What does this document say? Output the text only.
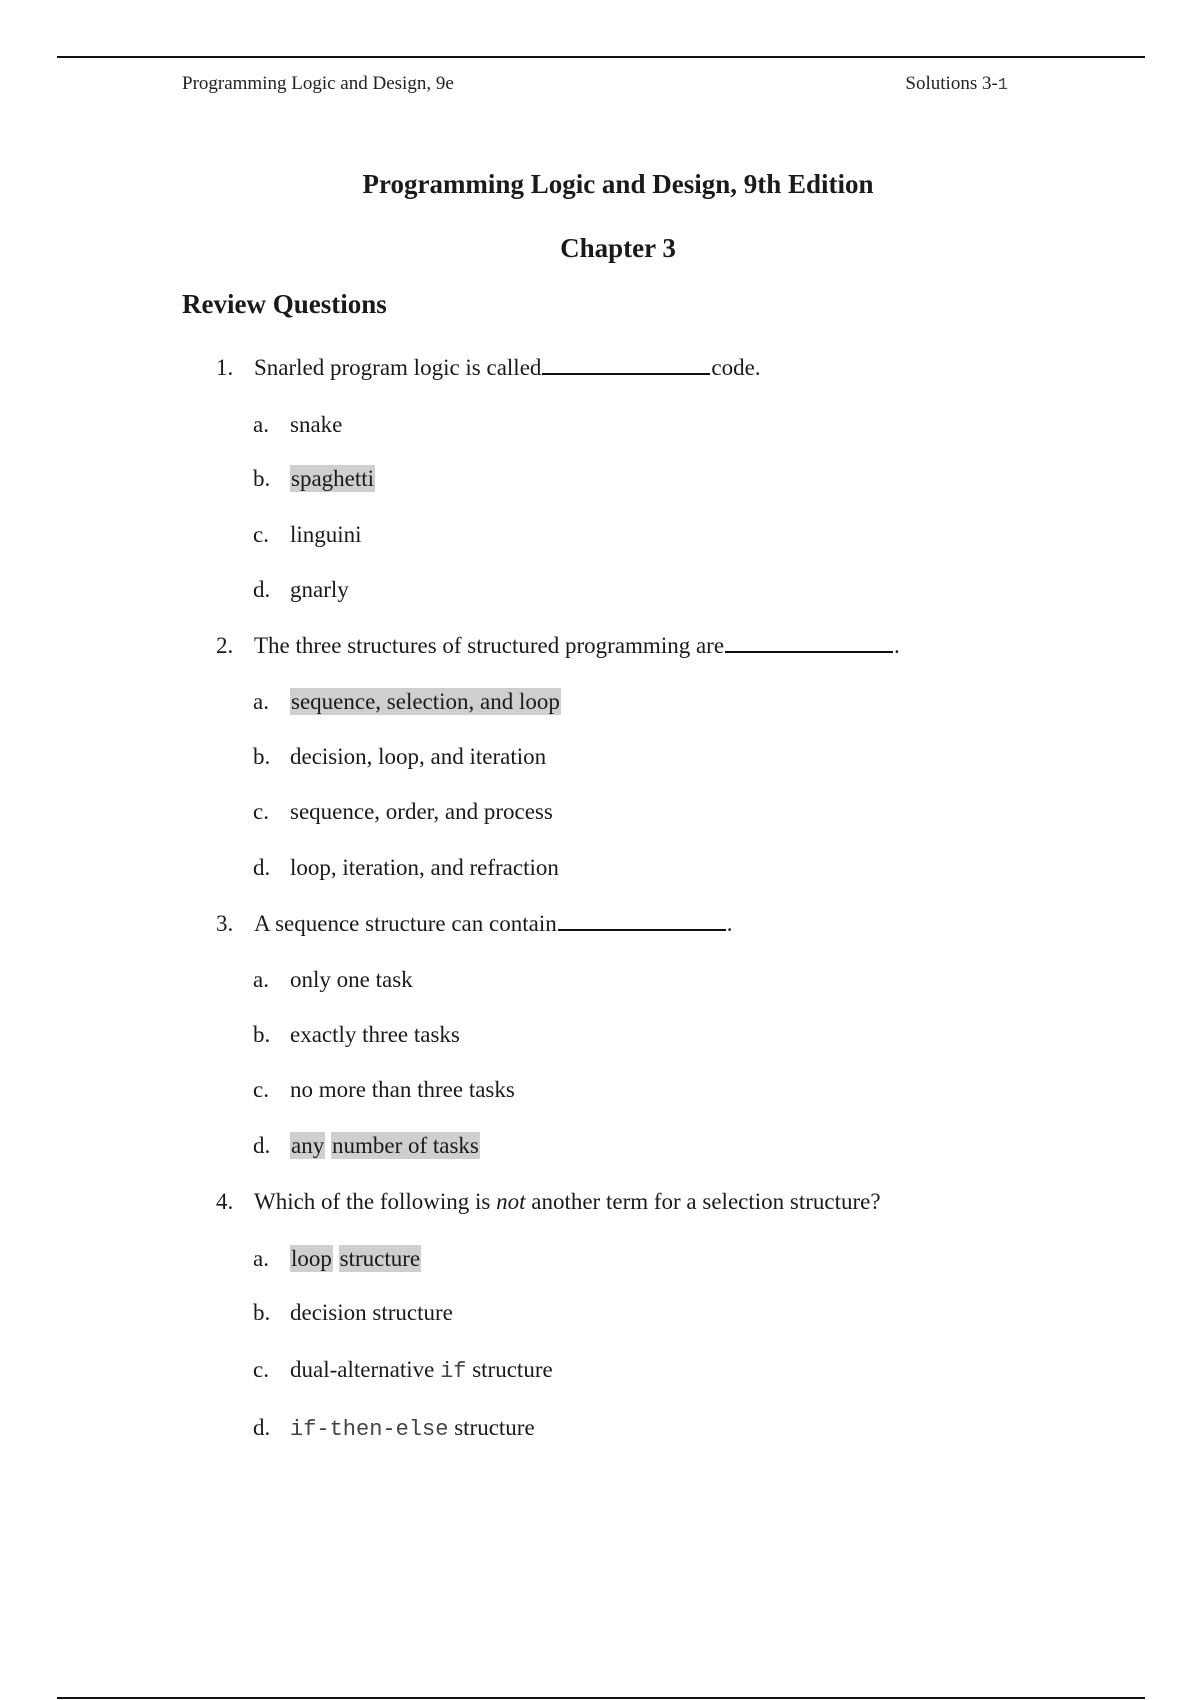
Programming Logic and Design, 9e	Solutions 3-1
Programming Logic and Design, 9th Edition
Chapter 3
Review Questions
1. Snarled program logic is called	code.
a. snake
b. spaghetti
c. linguini
d. gnarly
2. The three structures of structured programming are	.
a. sequence, selection, and loop
b. decision, loop, and iteration
c. sequence, order, and process
d. loop, iteration, and refraction
3. A sequence structure can contain	.
a. only one task
b. exactly three tasks
c. no more than three tasks
d. any number of tasks
4. Which of the following is not another term for a selection structure?
a. loop structure
b. decision structure
c. dual-alternative if structure
d. if-then-else structure
